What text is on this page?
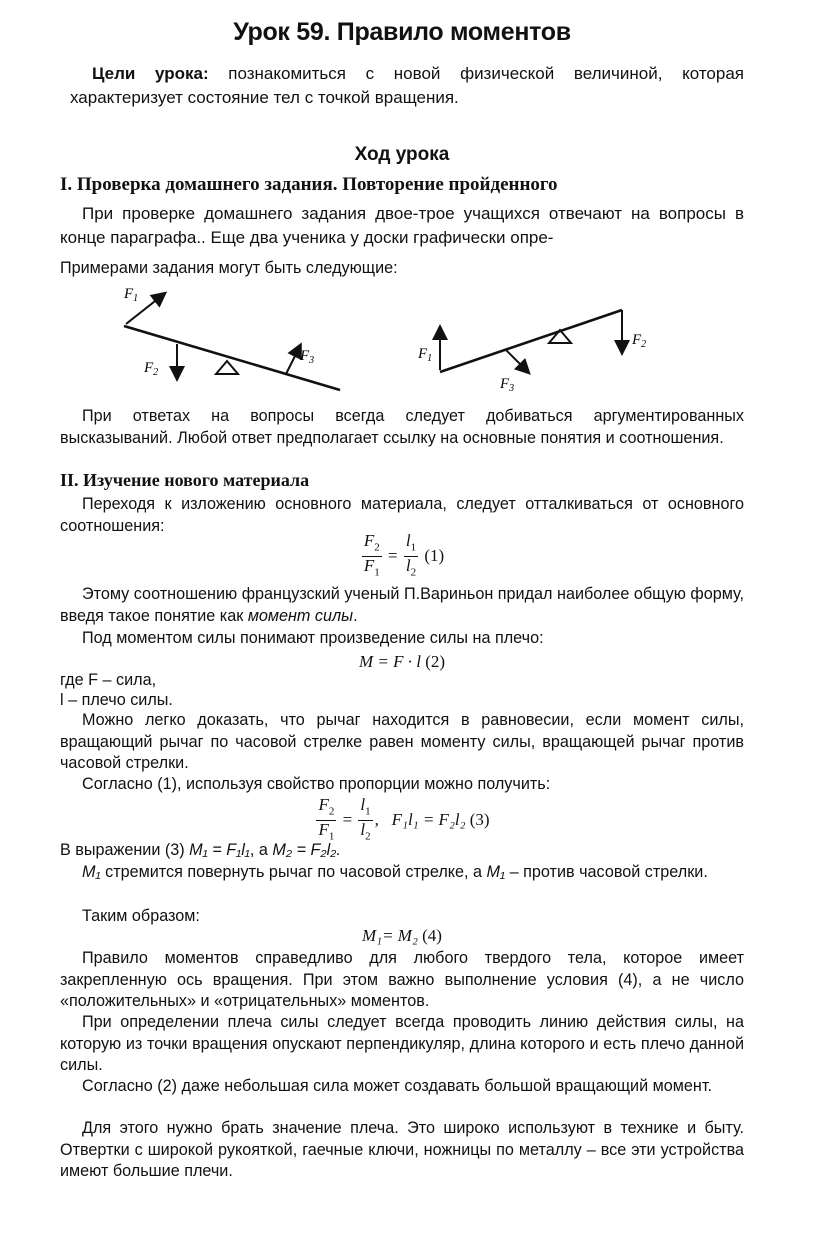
Урок 59. Правило моментов
Цели урока: познакомиться с новой физической величиной, которая характеризует состояние тел с точкой вращения.
Ход урока
I. Проверка домашнего задания. Повторение пройденного
При проверке домашнего задания двое-трое учащихся отвечают на вопросы в конце параграфа.. Еще два ученика у доски графически опре-
Примерами задания могут быть следующие:
$F_1$
$F_2$
$F_3$	$F_1$
$F_2$
$F_3$
При ответах на вопросы всегда следует добиваться аргументированных высказываний. Любой ответ предполагает ссылку на основные понятия и соотношения.
II. Изучение нового материала
Переходя к изложению основного материала, следует отталкиваться от основного соотношения:
$\frac{F_2}{F_1} = \frac{l_1}{l_2} (1)$
Этому соотношению французский ученый П.Вариньон придал наиболее общую форму, введя такое понятие как момент силы.
Под моментом силы понимают произведение силы на плечо:
M = F · l (2)
где F – сила,
l – плечо силы.
Можно легко доказать, что рычаг находится в равновесии, если момент силы, вращающий рычаг по часовой стрелке равен моменту силы, вращающей рычаг против часовой стрелки.
Согласно (1), используя свойство пропорции можно получить:
$\frac{F_2}{F_1} = \frac{l_1}{l_2}$ ,   F₁l₁ = F₂l₂ (3)
В выражении (3) M₁ = F₁l₁, а M₂ = F₂l₂.
M₁ стремится повернуть рычаг по часовой стрелке, а M₁ – против часовой стрелки.
Таким образом:
M₁= M₂ (4)
Правило моментов справедливо для любого твердого тела, которое имеет закрепленную ось вращения. При этом важно выполнение условия (4), а не число «положительных» и «отрицательных» моментов.
При определении плеча силы следует всегда проводить линию действия силы, на которую из точки вращения опускают перпендикуляр, длина которого и есть плечо данной силы.
Согласно (2) даже небольшая сила может создавать большой вращающий момент.
Для этого нужно брать значение плеча. Это широко используют в технике и быту. Отвертки с широкой рукояткой, гаечные ключи, ножницы по металлу – все эти устройства имеют большие плечи.
